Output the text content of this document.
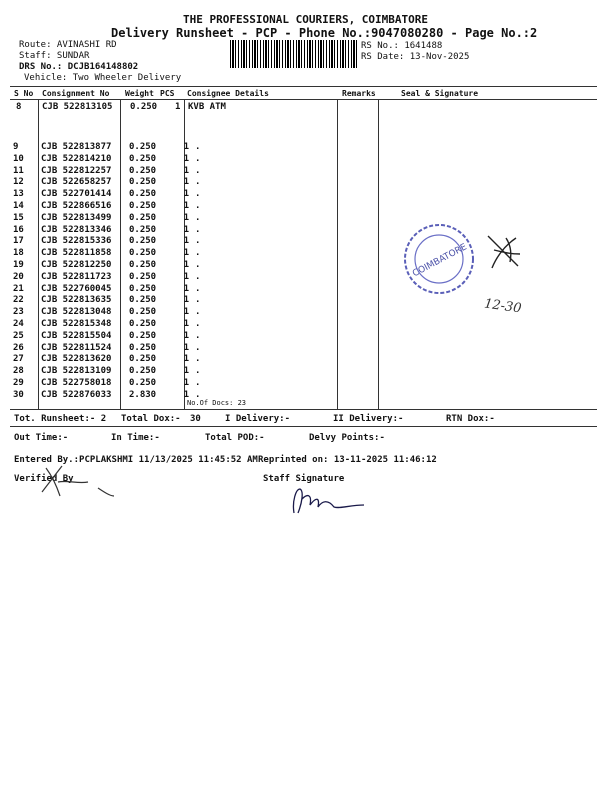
THE PROFESSIONAL COURIERS, COIMBATORE
Delivery Runsheet - PCP - Phone No.:9047080280 - Page No.:2
Route: AVINASHI RD
Staff: SUNDAR
DRS No.: DCJB164148802
Vehicle: Two Wheeler Delivery
RS No.: 1641488
RS Date: 13-Nov-2025
S No Consignment No Weight PCS Consignee Details	Remarks	Seal & Signature
8 CJB 522813105 0.250 1 KVB ATM
9	CJB 522813877	0.250	1	.
10	CJB 522814210	0.250	1	.
11	CJB 522812257	0.250	1	.
12	CJB 522658257	0.250	1	.
13	CJB 522701414	0.250	1	.
14	CJB 522866516	0.250	1	.
15	CJB 522813499	0.250	1	.
16	CJB 522813346	0.250	1	.
17	CJB 522815336	0.250	1	.
18	CJB 522811858	0.250	1	.
19	CJB 522812250	0.250	1	.
20	CJB 522811723	0.250	1	.
21	CJB 522760045	0.250	1	.
22	CJB 522813635	0.250	1	.
23	CJB 522813048	0.250	1	.
24	CJB 522815348	0.250	1	.
25	CJB 522815504	0.250	1	.
26	CJB 522811524	0.250	1	.
27	CJB 522813620	0.250	1	.
28	CJB 522813109	0.250	1	.
29	CJB 522758018	0.250	1	.
30	CJB 522876033	2.830	1	.
No.Of Docs: 23
Tot. Runsheet:- 2 Total Dox:- 30	I Delivery:-	II Delivery:-	RTN Dox:-
Out Time:-	In Time:-	Total POD:-	Delvy Points:-
Entered By.:PCPLAKSHMI 11/13/2025 11:45:52 AM Reprinted on: 13-11-2025 11:46:12
Verified By	Staff Signature
COIMBATORE
12-30
